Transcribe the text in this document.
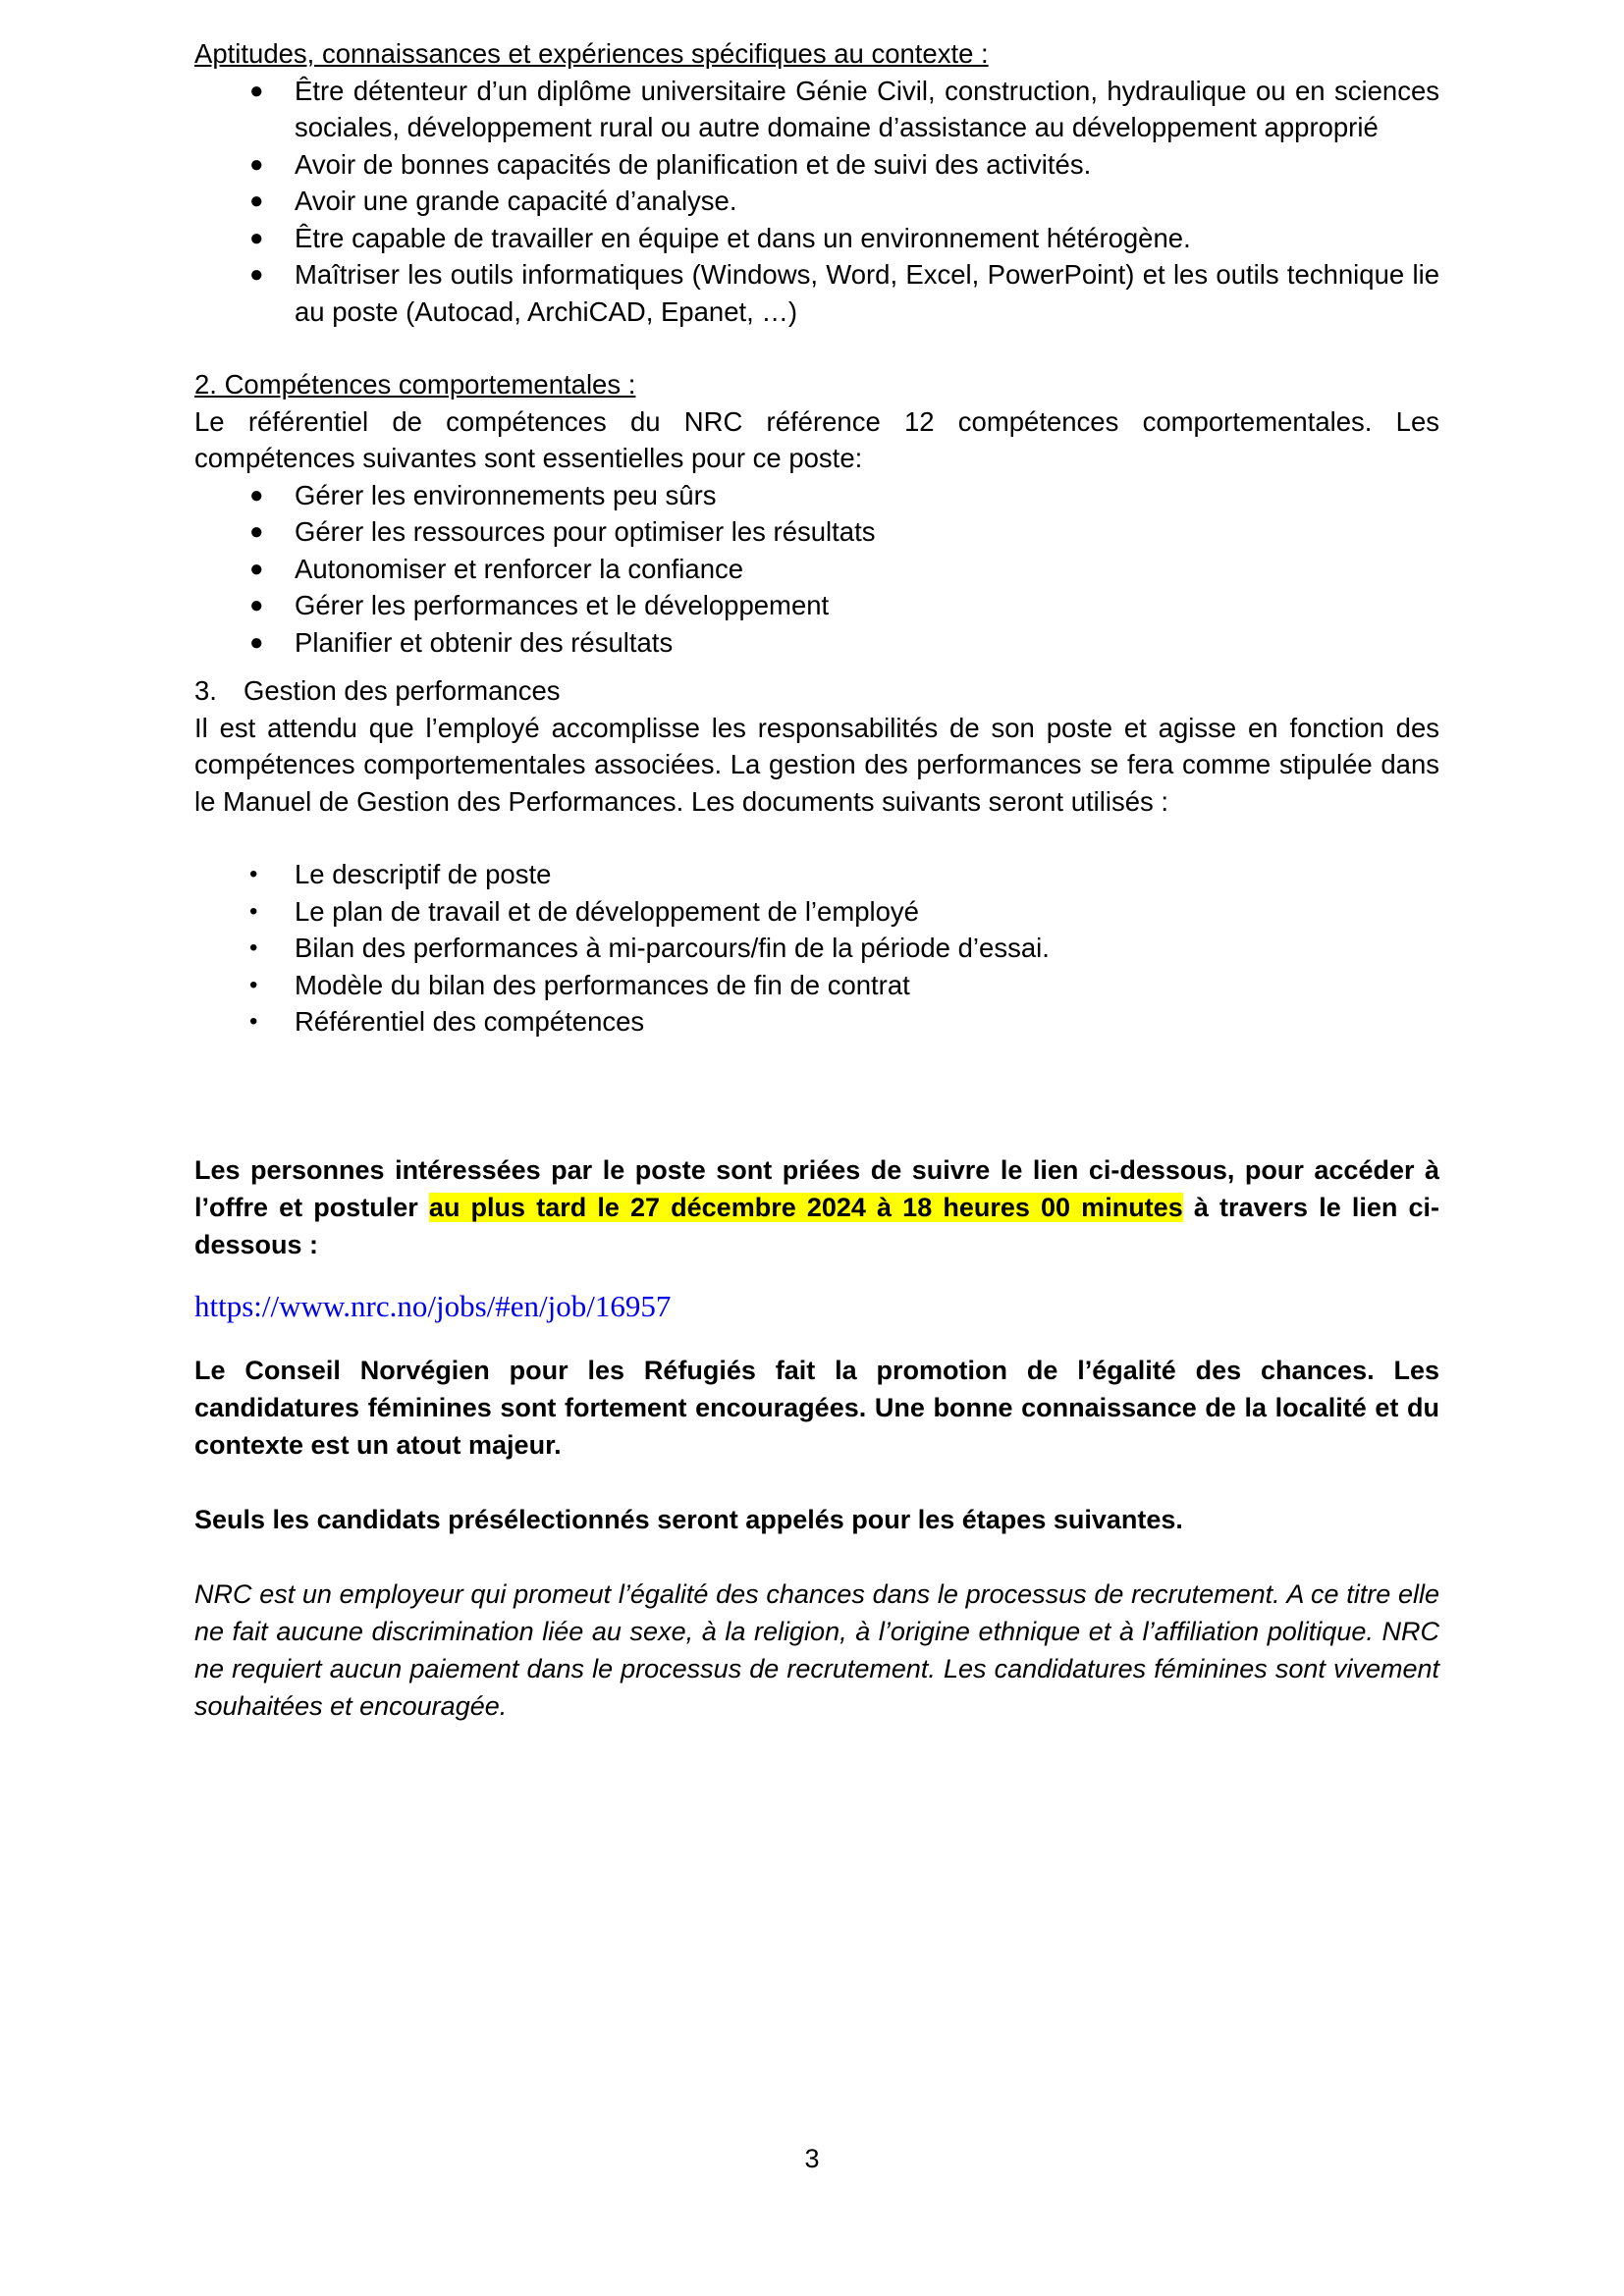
Aptitudes, connaissances et expériences spécifiques au contexte :

● Être détenteur d’un diplôme universitaire Génie Civil, construction, hydraulique ou en sciences sociales, développement rural ou autre domaine d’assistance au développement approprié
● Avoir de bonnes capacités de planification et de suivi des activités.
● Avoir une grande capacité d’analyse.
● Être capable de travailler en équipe et dans un environnement hétérogène.
● Maîtriser les outils informatiques (Windows, Word, Excel, PowerPoint) et les outils technique lie au poste (Autocad, ArchiCAD, Epanet, …)

2. Compétences comportementales :

Le référentiel de compétences du NRC référence 12 compétences comportementales. Les compétences suivantes sont essentielles pour ce poste:

● Gérer les environnements peu sûrs
● Gérer les ressources pour optimiser les résultats
● Autonomiser et renforcer la confiance
● Gérer les performances et le développement
● Planifier et obtenir des résultats

3. Gestion des performances

Il est attendu que l’employé accomplisse les responsabilités de son poste et agisse en fonction des compétences comportementales associées. La gestion des performances se fera comme stipulée dans le Manuel de Gestion des Performances. Les documents suivants seront utilisés :

• Le descriptif de poste
• Le plan de travail et de développement de l’employé
• Bilan des performances à mi-parcours/fin de la période d’essai.
• Modèle du bilan des performances de fin de contrat
• Référentiel des compétences

Les personnes intéressées par le poste sont priées de suivre le lien ci-dessous, pour accéder à l’offre et postuler au plus tard le 27 décembre 2024 à 18 heures 00 minutes à travers le lien ci-dessous :

https://www.nrc.no/jobs/#en/job/16957

Le Conseil Norvégien pour les Réfugiés fait la promotion de l’égalité des chances. Les candidatures féminines sont fortement encouragées. Une bonne connaissance de la localité et du contexte est un atout majeur.

Seuls les candidats présélectionnés seront appelés pour les étapes suivantes.

NRC est un employeur qui promeut l’égalité des chances dans le processus de recrutement. A ce titre elle ne fait aucune discrimination liée au sexe, à la religion, à l’origine ethnique et à l’affiliation politique. NRC ne requiert aucun paiement dans le processus de recrutement. Les candidatures féminines sont vivement souhaitées et encouragée.

3
